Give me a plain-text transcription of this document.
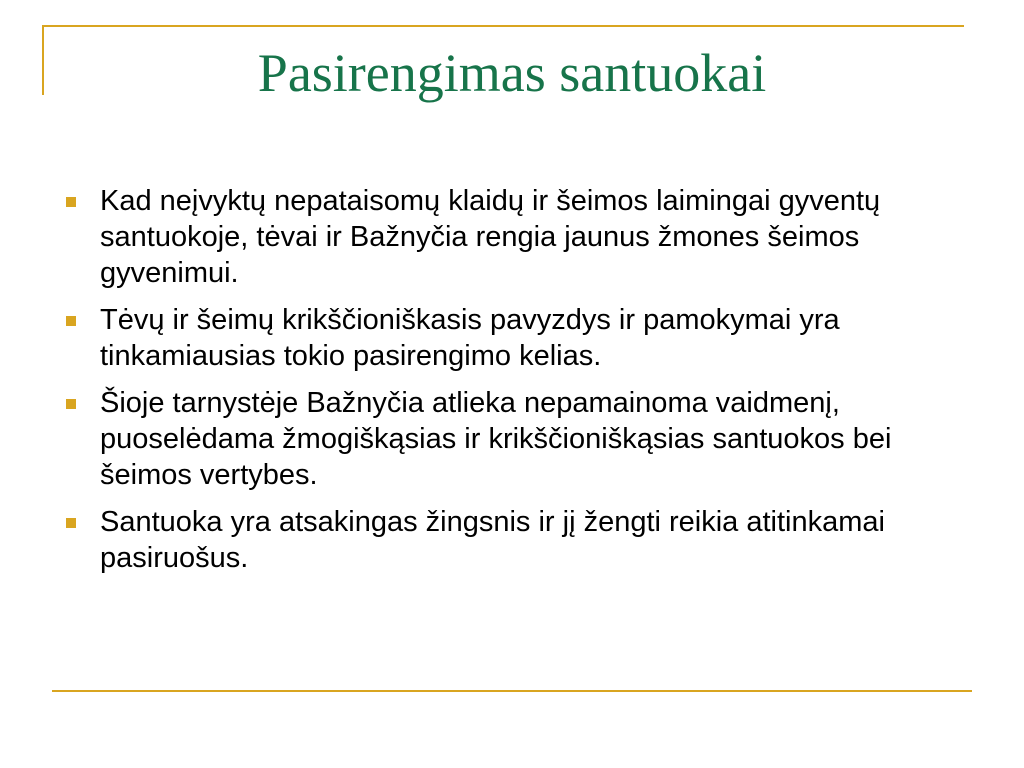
Pasirengimas santuokai
Kad neįvyktų nepataisomų klaidų ir šeimos laimingai gyventų santuokoje, tėvai ir Bažnyčia rengia jaunus žmones šeimos gyvenimui.
Tėvų ir šeimų krikščioniškasis pavyzdys ir pamokymai yra tinkamiausias tokio pasirengimo kelias.
Šioje tarnystėje Bažnyčia atlieka nepamainoma vaidmenį, puoselėdama žmogiškąsias ir krikščioniškąsias santuokos bei šeimos vertybes.
Santuoka yra atsakingas žingsnis ir jį žengti reikia atitinkamai pasiruošus.
